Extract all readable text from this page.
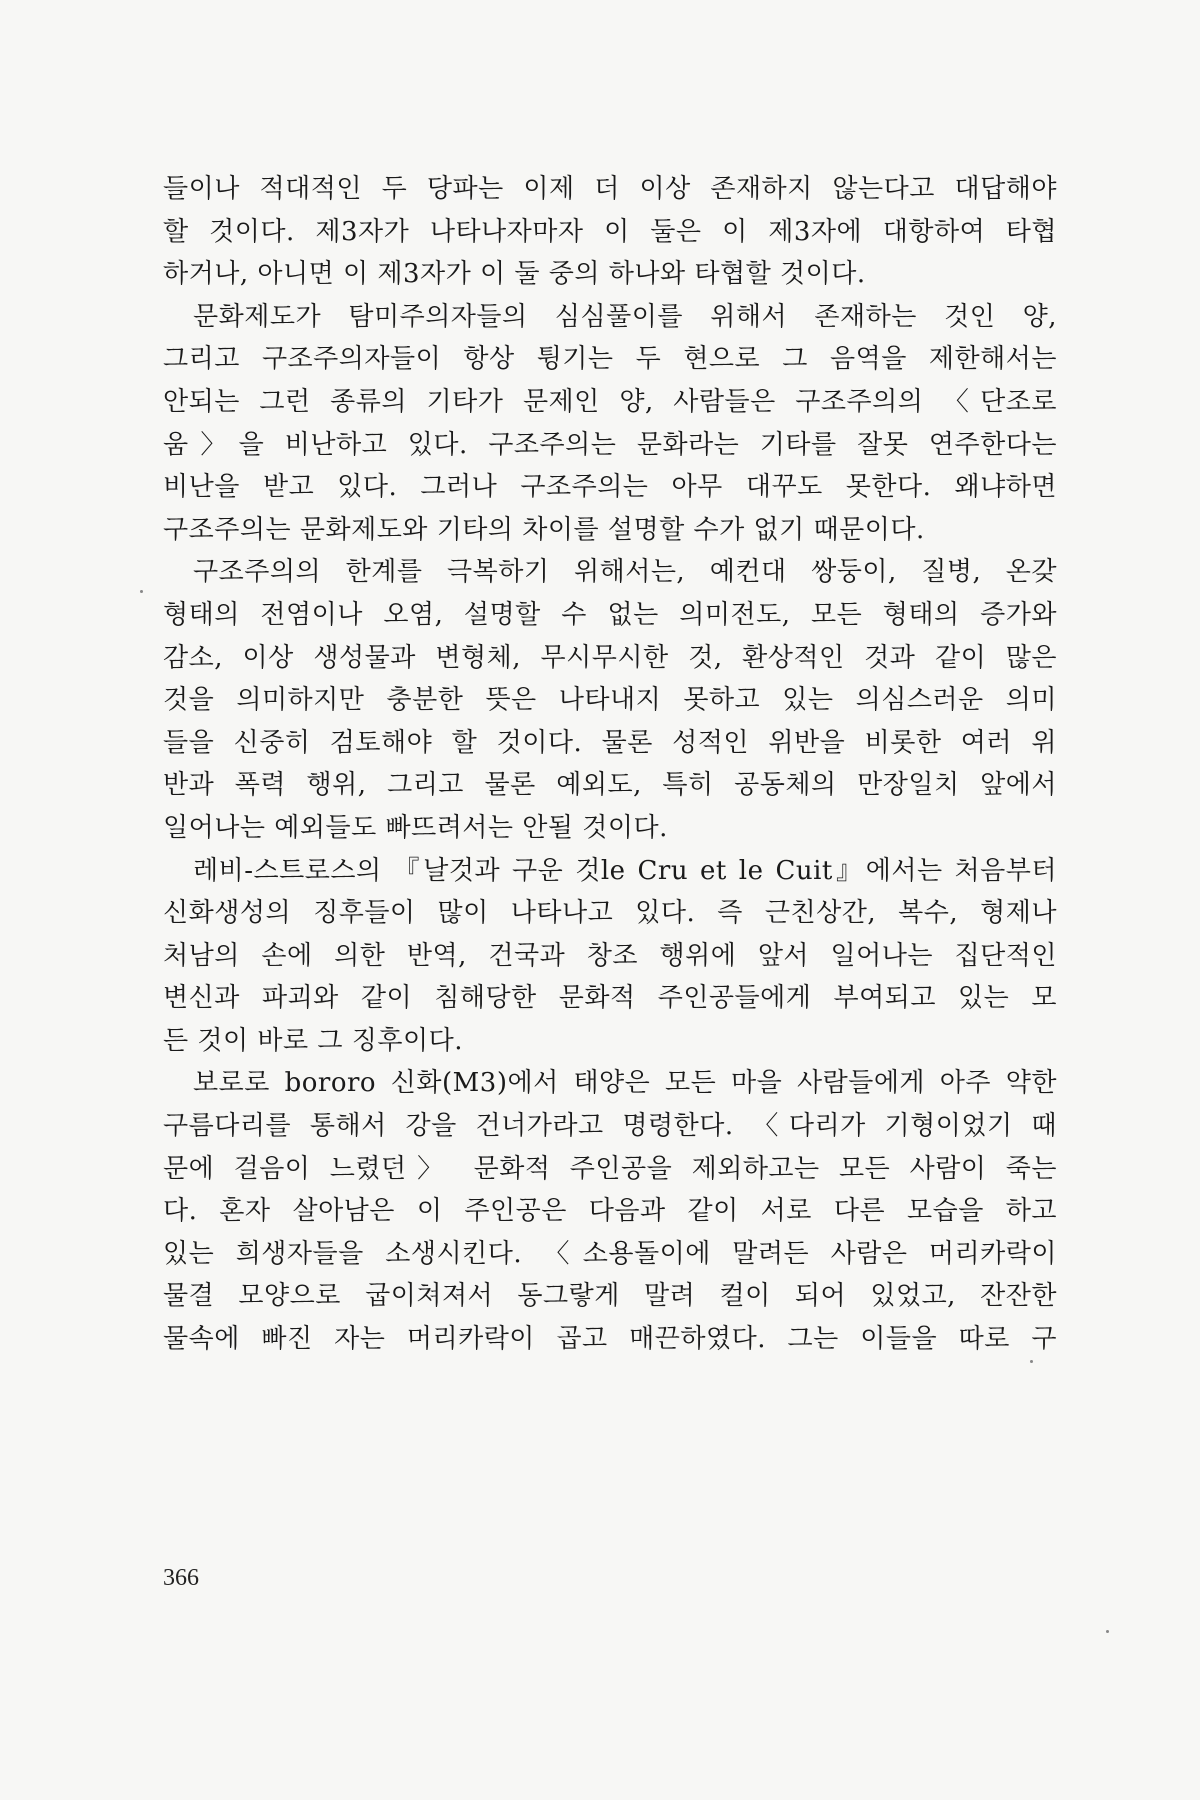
들이나 적대적인 두 당파는 이제 더 이상 존재하지 않는다고 대답해야
할 것이다. 제3자가 나타나자마자 이 둘은 이 제3자에 대항하여 타협
하거나, 아니면 이 제3자가 이 둘 중의 하나와 타협할 것이다.
문화제도가 탐미주의자들의 심심풀이를 위해서 존재하는 것인 양,
그리고 구조주의자들이 항상 튕기는 두 현으로 그 음역을 제한해서는
안되는 그런 종류의 기타가 문제인 양, 사람들은 구조주의의 〈단조로
움〉을 비난하고 있다. 구조주의는 문화라는 기타를 잘못 연주한다는
비난을 받고 있다. 그러나 구조주의는 아무 대꾸도 못한다. 왜냐하면
구조주의는 문화제도와 기타의 차이를 설명할 수가 없기 때문이다.
구조주의의 한계를 극복하기 위해서는, 예컨대 쌍둥이, 질병, 온갖
형태의 전염이나 오염, 설명할 수 없는 의미전도, 모든 형태의 증가와
감소, 이상 생성물과 변형체, 무시무시한 것, 환상적인 것과 같이 많은
것을 의미하지만 충분한 뜻은 나타내지 못하고 있는 의심스러운 의미
들을 신중히 검토해야 할 것이다. 물론 성적인 위반을 비롯한 여러 위
반과 폭력 행위, 그리고 물론 예외도, 특히 공동체의 만장일치 앞에서
일어나는 예외들도 빠뜨려서는 안될 것이다.
레비-스트로스의 『날것과 구운 것le Cru et le Cuit』에서는 처음부터
신화생성의 징후들이 많이 나타나고 있다. 즉 근친상간, 복수, 형제나
처남의 손에 의한 반역, 건국과 창조 행위에 앞서 일어나는 집단적인
변신과 파괴와 같이 침해당한 문화적 주인공들에게 부여되고 있는 모
든 것이 바로 그 징후이다.
보로로 bororo 신화(M3)에서 태양은 모든 마을 사람들에게 아주 약한
구름다리를 통해서 강을 건너가라고 명령한다. 〈다리가 기형이었기 때
문에 걸음이 느렸던〉 문화적 주인공을 제외하고는 모든 사람이 죽는
다. 혼자 살아남은 이 주인공은 다음과 같이 서로 다른 모습을 하고
있는 희생자들을 소생시킨다. 〈소용돌이에 말려든 사람은 머리카락이
물결 모양으로 굽이쳐져서 동그랗게 말려 컬이 되어 있었고, 잔잔한
물속에 빠진 자는 머리카락이 곱고 매끈하였다. 그는 이들을 따로 구
366
